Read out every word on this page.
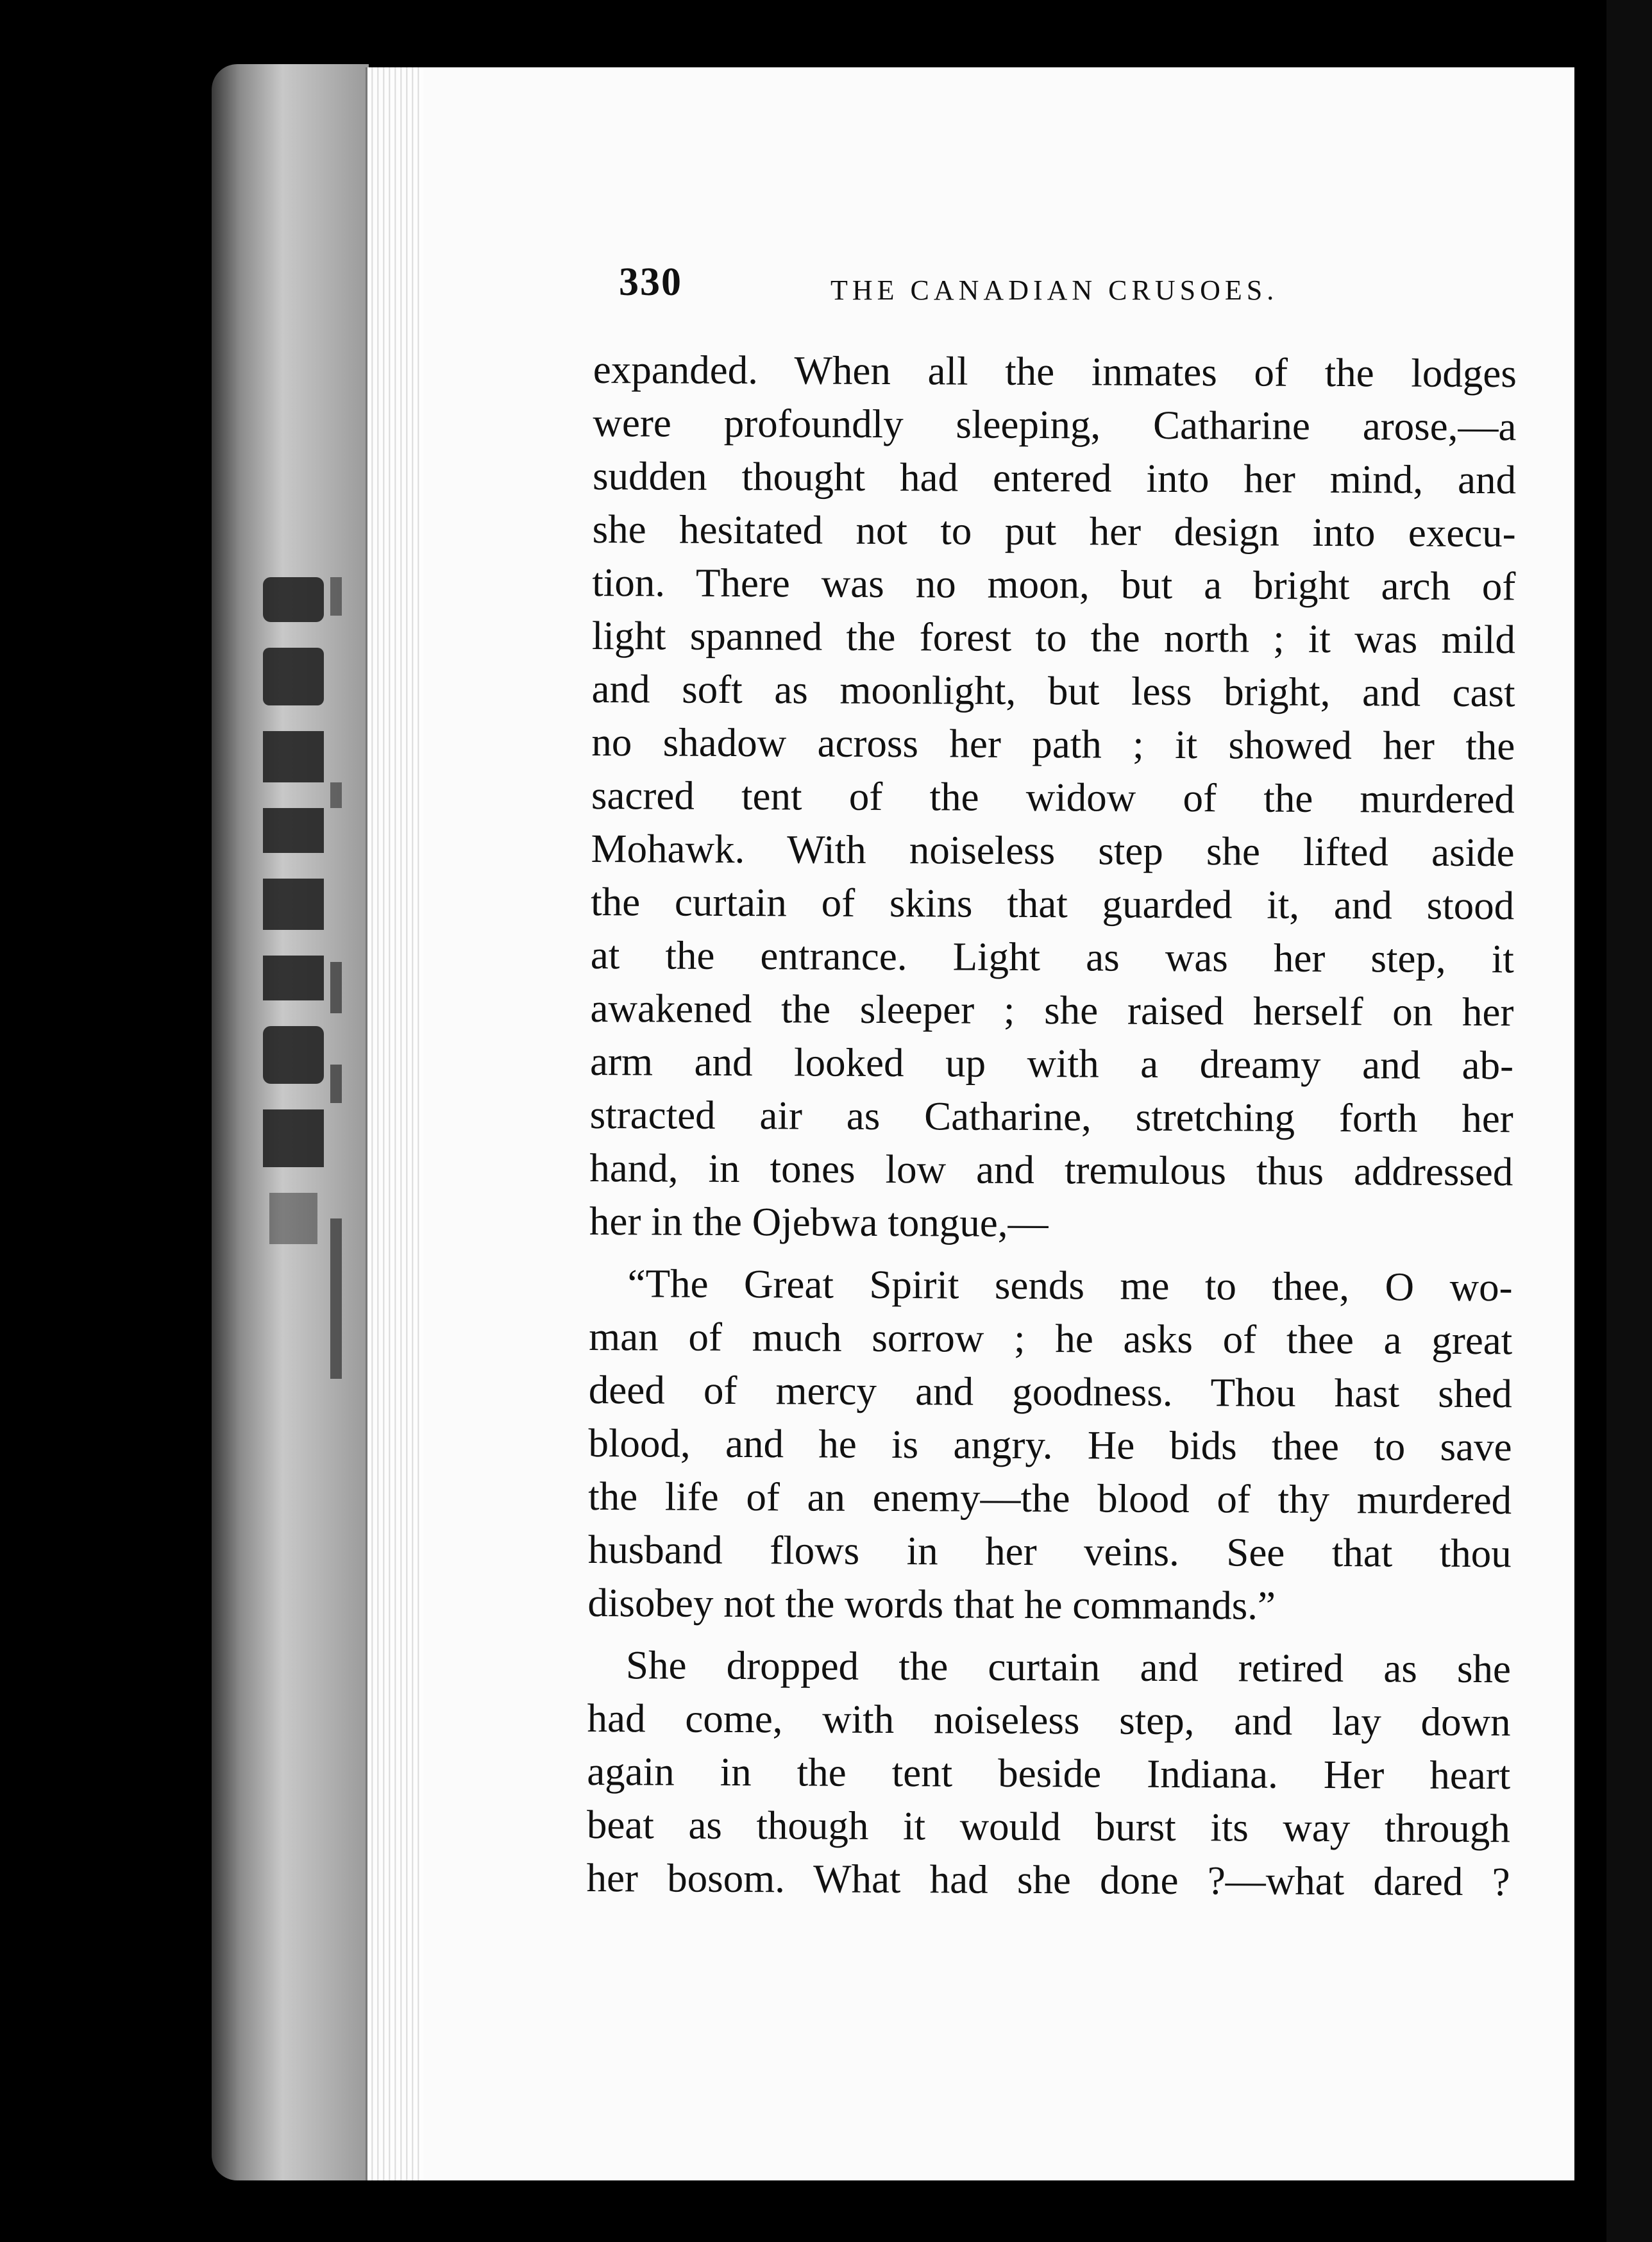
330	THE CANADIAN CRUSOES.
expanded. When all the inmates of the lodges
were profoundly sleeping, Catharine arose,—a
sudden thought had entered into her mind, and
she hesitated not to put her design into execu-
tion. There was no moon, but a bright arch of
light spanned the forest to the north ; it was mild
and soft as moonlight, but less bright, and cast
no shadow across her path ; it showed her the
sacred tent of the widow of the murdered
Mohawk. With noiseless step she lifted aside
the curtain of skins that guarded it, and stood
at the entrance. Light as was her step, it
awakened the sleeper ; she raised herself on her
arm and looked up with a dreamy and ab-
stracted air as Catharine, stretching forth her
hand, in tones low and tremulous thus addressed
her in the Ojebwa tongue,—
“The Great Spirit sends me to thee, O wo-
man of much sorrow ; he asks of thee a great
deed of mercy and goodness. Thou hast shed
blood, and he is angry. He bids thee to save
the life of an enemy—the blood of thy murdered
husband flows in her veins. See that thou
disobey not the words that he commands.”
She dropped the curtain and retired as she
had come, with noiseless step, and lay down
again in the tent beside Indiana. Her heart
beat as though it would burst its way through
her bosom. What had she done ?—what dared ?
